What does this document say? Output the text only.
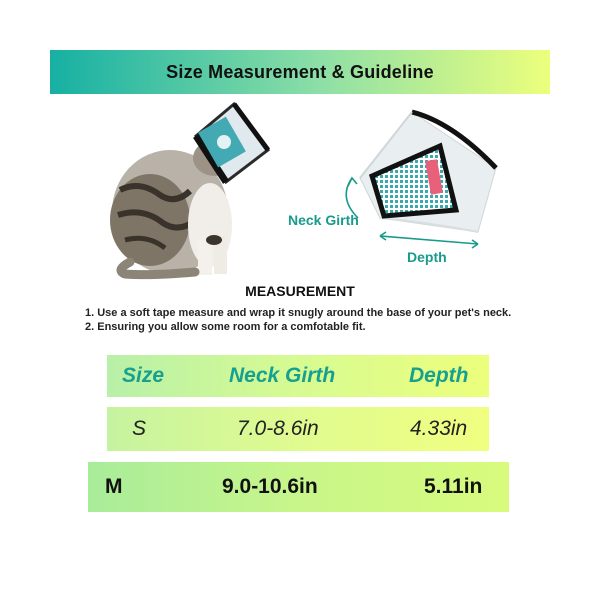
Size Measurement & Guideline
Neck Girth
Depth
MEASUREMENT
1. Use a soft tape measure and wrap it snugly around the base of your pet's neck.
2. Ensuring you allow some room for a comfotable fit.
Size	Neck Girth	Depth
S	7.0-8.6in	4.33in
M	9.0-10.6in	5.11in
